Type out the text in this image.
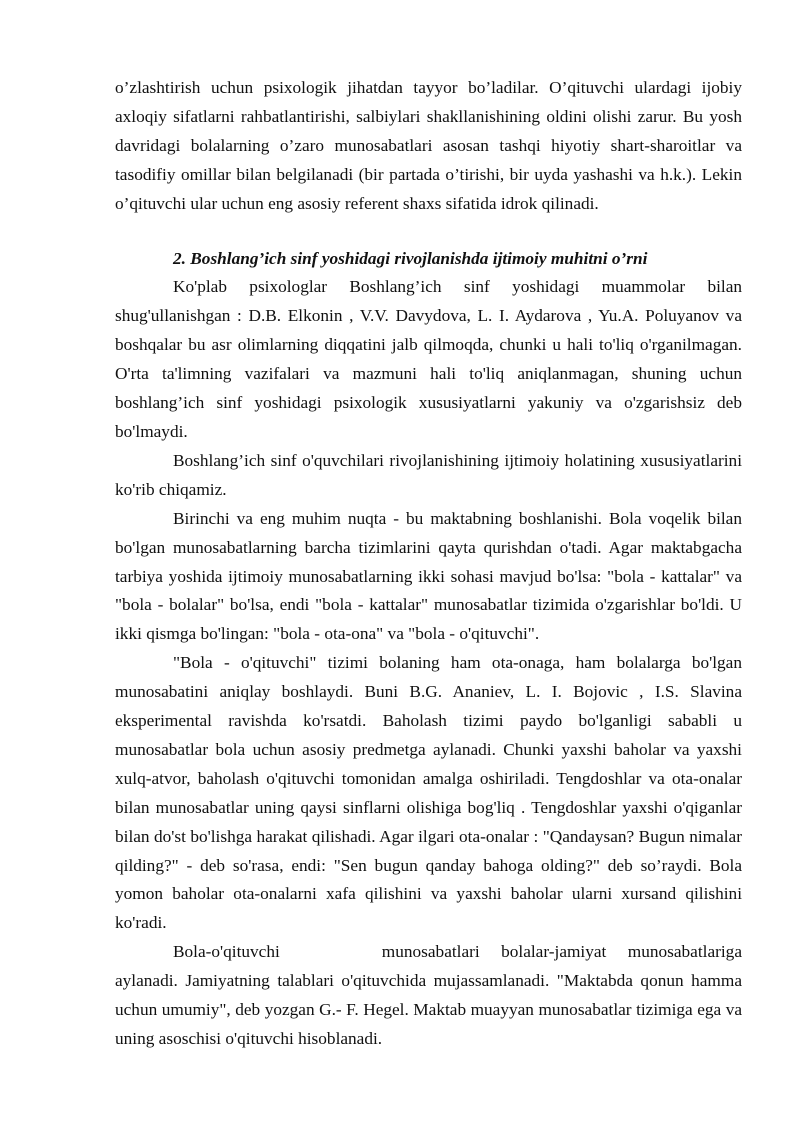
o’zlashtirish uchun psixologik jihatdan tayyor bo’ladilar. O’qituvchi ulardagi ijobiy axloqiy sifatlarni rahbatlantirishi, salbiylari shakllanishining oldini olishi zarur. Bu yosh davridagi bolalarning o’zaro munosabatlari asosan tashqi hiyotiy shart-sharoitlar va tasodifiy omillar bilan belgilanadi (bir partada o’tirishi, bir uyda yashashi va h.k.). Lekin o’qituvchi ular uchun eng asosiy referent shaxs sifatida idrok qilinadi.

2. Boshlang’ich sinf yoshidagi rivojlanishda ijtimoiy muhitni o’rni

Ko'plab psixologlar Boshlang’ich sinf yoshidagi muammolar bilan shug'ullanishgan : D.B. Elkonin , V.V. Davydova, L. I. Aydarova , Yu.A. Poluyanov va boshqalar bu asr olimlarning diqqatini jalb qilmoqda, chunki u hali to'liq o'rganilmagan. O'rta ta'limning vazifalari va mazmuni hali to'liq aniqlanmagan, shuning uchun boshlang’ich sinf yoshidagi psixologik xususiyatlarni yakuniy va o'zgarishsiz deb bo'lmaydi.

Boshlang’ich sinf o'quvchilari rivojlanishining ijtimoiy holatining xususiyatlarini ko'rib chiqamiz.

Birinchi va eng muhim nuqta - bu maktabning boshlanishi. Bola voqelik bilan bo'lgan munosabatlarning barcha tizimlarini qayta qurishdan o'tadi. Agar maktabgacha tarbiya yoshida ijtimoiy munosabatlarning ikki sohasi mavjud bo'lsa: "bola - kattalar" va "bola - bolalar" bo'lsa, endi "bola - kattalar" munosabatlar tizimida o'zgarishlar bo'ldi. U ikki qismga bo'lingan: "bola - ota-ona" va "bola - o'qituvchi".

"Bola - o'qituvchi" tizimi bolaning ham ota-onaga, ham bolalarga bo'lgan munosabatini aniqlay boshlaydi. Buni B.G. Ananiev, L. I. Bojovic , I.S. Slavina eksperimental ravishda ko'rsatdi. Baholash tizimi paydo bo'lganligi sababli u munosabatlar bola uchun asosiy predmetga aylanadi. Chunki yaxshi baholar va yaxshi xulq-atvor, baholash o'qituvchi tomonidan amalga oshiriladi. Tengdoshlar va ota-onalar bilan munosabatlar uning qaysi sinflarni olishiga bog'liq . Tengdoshlar yaxshi o'qiganlar bilan do'st bo'lishga harakat qilishadi. Agar ilgari ota-onalar : "Qandaysan? Bugun nimalar qilding?" - deb so'rasa, endi: "Sen bugun qanday bahoga olding?" deb so’raydi. Bola yomon baholar ota-onalarni xafa qilishini va yaxshi baholar ularni xursand qilishini ko'radi.

Bola-o'qituvchi	munosabatlari bolalar-jamiyat munosabatlariga aylanadi. Jamiyatning talablari o'qituvchida mujassamlanadi. "Maktabda qonun hamma uchun umumiy", deb yozgan G.- F. Hegel. Maktab muayyan munosabatlar tizimiga ega va uning asoschisi o'qituvchi hisoblanadi.
